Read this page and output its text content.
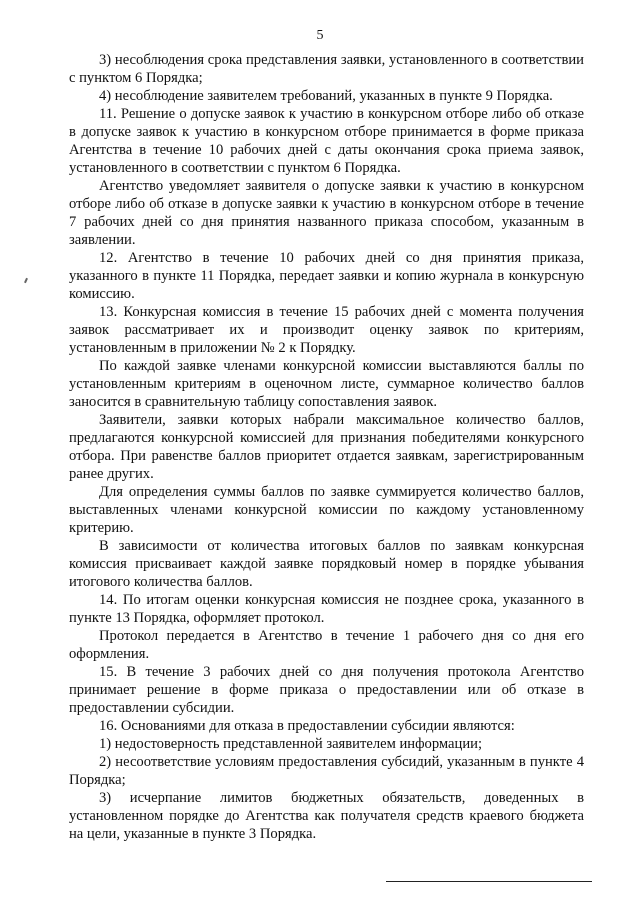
5

3) несоблюдения срока представления заявки, установленного в соответствии с пунктом 6 Порядка;

4) несоблюдение заявителем требований, указанных в пункте 9 Порядка.

11. Решение о допуске заявок к участию в конкурсном отборе либо об отказе в допуске заявок к участию в конкурсном отборе принимается в форме приказа Агентства в течение 10 рабочих дней с даты окончания срока приема заявок, установленного в соответствии с пунктом 6 Порядка.

Агентство уведомляет заявителя о допуске заявки к участию в конкурсном отборе либо об отказе в допуске заявки к участию в конкурсном отборе в течение 7 рабочих дней со дня принятия названного приказа способом, указанным в заявлении.

12. Агентство в течение 10 рабочих дней со дня принятия приказа, указанного в пункте 11 Порядка, передает заявки и копию журнала в конкурсную комиссию.

13. Конкурсная комиссия в течение 15 рабочих дней с момента получения заявок рассматривает их и производит оценку заявок по критериям, установленным в приложении № 2 к Порядку.

По каждой заявке членами конкурсной комиссии выставляются баллы по установленным критериям в оценочном листе, суммарное количество баллов заносится в сравнительную таблицу сопоставления заявок.

Заявители, заявки которых набрали максимальное количество баллов, предлагаются конкурсной комиссией для признания победителями конкурсного отбора. При равенстве баллов приоритет отдается заявкам, зарегистрированным ранее других.

Для определения суммы баллов по заявке суммируется количество баллов, выставленных членами конкурсной комиссии по каждому установленному критерию.

В зависимости от количества итоговых баллов по заявкам конкурсная комиссия присваивает каждой заявке порядковый номер в порядке убывания итогового количества баллов.

14. По итогам оценки конкурсная комиссия не позднее срока, указанного в пункте 13 Порядка, оформляет протокол.

Протокол передается в Агентство в течение 1 рабочего дня со дня его оформления.

15. В течение 3 рабочих дней со дня получения протокола Агентство принимает решение в форме приказа о предоставлении или об отказе в предоставлении субсидии.

16. Основаниями для отказа в предоставлении субсидии являются:

1) недостоверность представленной заявителем информации;

2) несоответствие условиям предоставления субсидий, указанным в пункте 4 Порядка;

3) исчерпание лимитов бюджетных обязательств, доведенных в установленном порядке до Агентства как получателя средств краевого бюджета на цели, указанные в пункте 3 Порядка.
